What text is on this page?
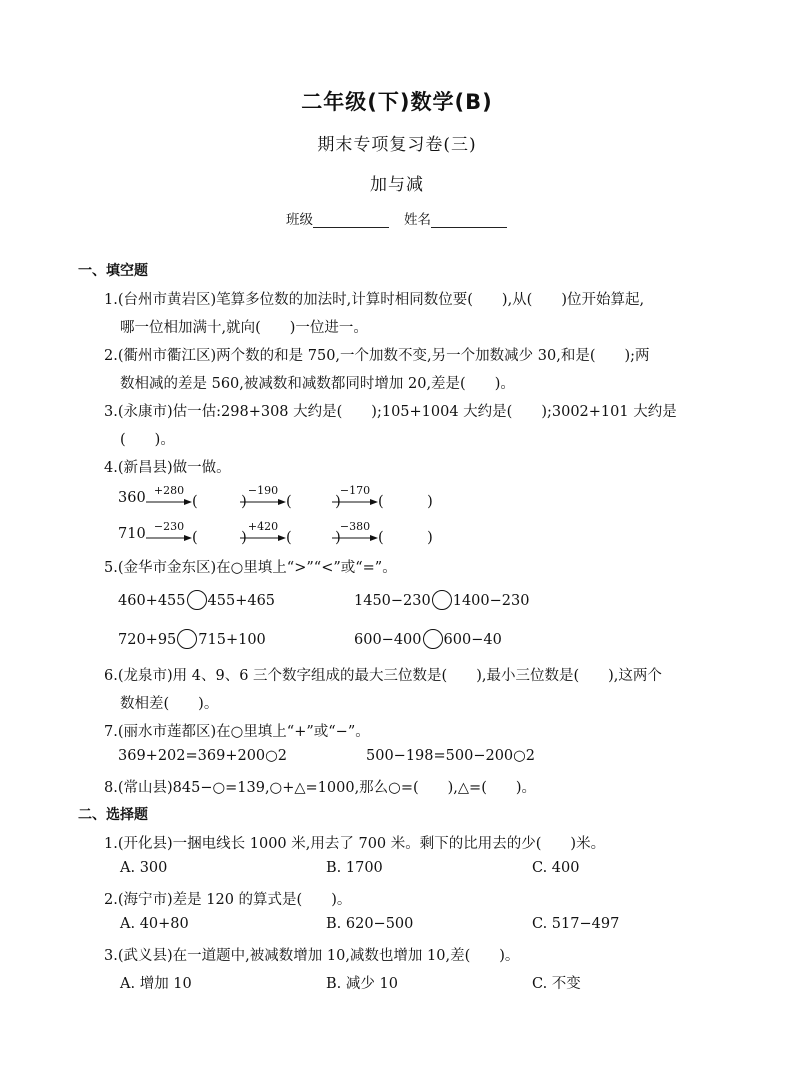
二年级(下)数学(B)
期末专项复习卷(三)
加与减
班级	姓名
一、填空题
1.(台州市黄岩区)笔算多位数的加法时,计算时相同数位要(　　),从(　　)位开始算起,
哪一位相加满十,就向(　　)一位进一。
2.(衢州市衢江区)两个数的和是 750,一个加数不变,另一个加数减少 30,和是(　　);两
数相减的差是 560,被减数和减数都同时增加 20,差是(　　)。
3.(永康市)估一估:298+308 大约是(　　);105+1004 大约是(　　);3002+101 大约是
(　　)。
4.(新昌县)做一做。
360 +280
(　　　)
−190
(　　　)
−170
(　　　)
710 −230
(　　　)
+420
(　　　)
−380
(　　　)
5.(金华市金东区)在○里填上“>”“<”或“=”。
460+455 455+465	1450−230 1400−230
720+95 715+100	600−400 600−40
6.(龙泉市)用 4、9、6 三个数字组成的最大三位数是(　　),最小三位数是(　　),这两个
数相差(　　)。
7.(丽水市莲都区)在○里填上“+”或“−”。
369+202=369+200○2	500−198=500−200○2
8.(常山县)845−○=139,○+△=1000,那么○=(　　),△=(　　)。
二、选择题
1.(开化县)一捆电线长 1000 米,用去了 700 米。剩下的比用去的少(　　)米。
A. 300	B. 1700	C. 400
2.(海宁市)差是 120 的算式是(　　)。
A. 40+80	B. 620−500	C. 517−497
3.(武义县)在一道题中,被减数增加 10,减数也增加 10,差(　　)。
A. 增加 10	B. 减少 10	C. 不变
